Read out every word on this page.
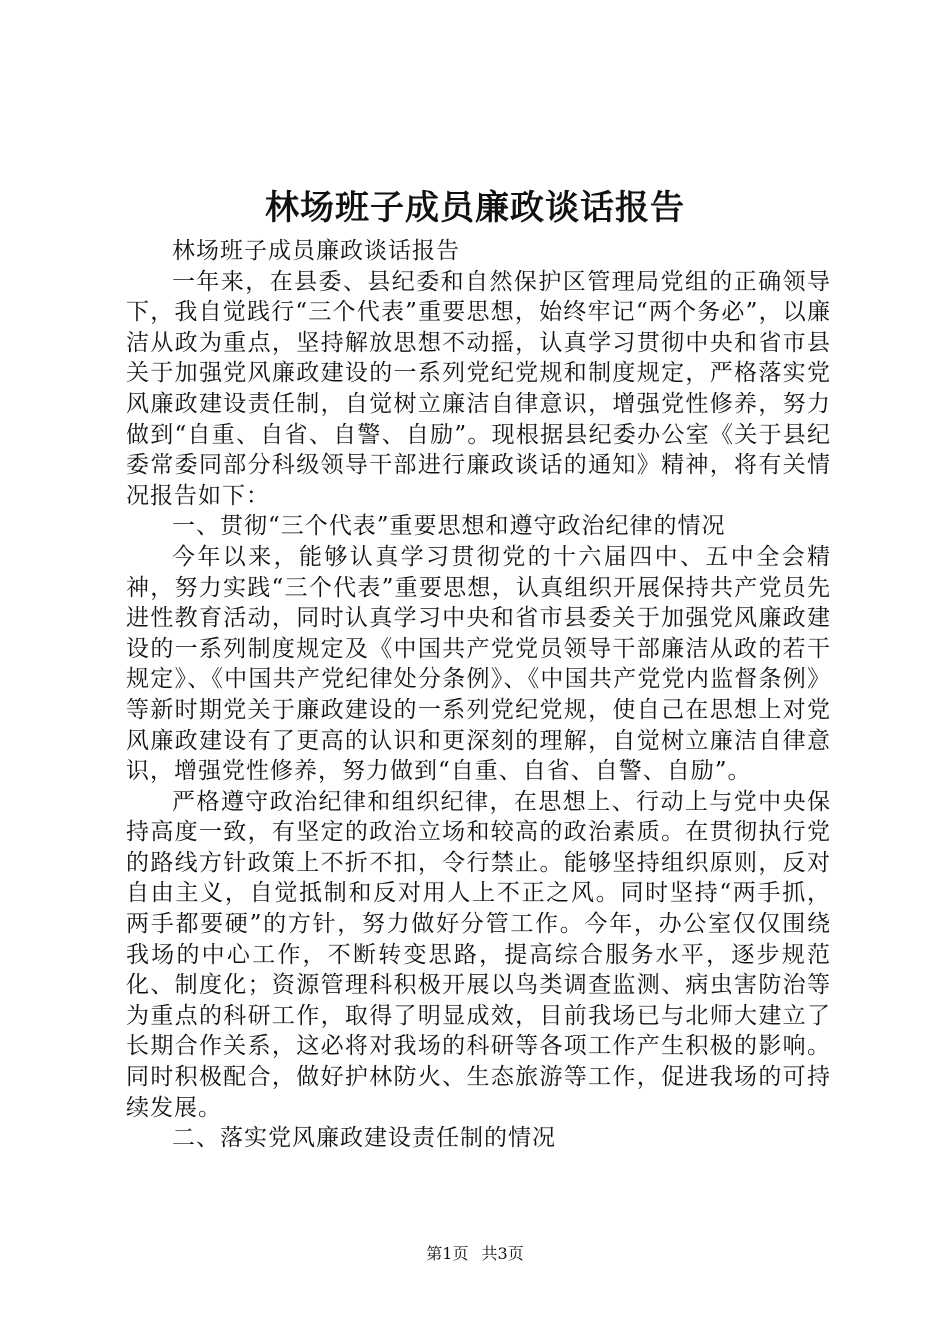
林场班子成员廉政谈话报告

林场班子成员廉政谈话报告

一年来，在县委、县纪委和自然保护区管理局党组的正确领导下，我自觉践行“三个代表”重要思想，始终牢记“两个务必”，以廉洁从政为重点，坚持解放思想不动摇，认真学习贯彻中央和省市县关于加强党风廉政建设的一系列党纪党规和制度规定，严格落实党风廉政建设责任制，自觉树立廉洁自律意识，增强党性修养，努力做到“自重、自省、自警、自励”。现根据县纪委办公室《关于县纪委常委同部分科级领导干部进行廉政谈话的通知》精神，将有关情况报告如下：

一、贯彻“三个代表”重要思想和遵守政治纪律的情况

今年以来，能够认真学习贯彻党的十六届四中、五中全会精神，努力实践“三个代表”重要思想，认真组织开展保持共产党员先进性教育活动，同时认真学习中央和省市县委关于加强党风廉政建设的一系列制度规定及《中国共产党党员领导干部廉洁从政的若干规定》、《中国共产党纪律处分条例》、《中国共产党党内监督条例》等新时期党关于廉政建设的一系列党纪党规，使自己在思想上对党风廉政建设有了更高的认识和更深刻的理解，自觉树立廉洁自律意识，增强党性修养，努力做到“自重、自省、自警、自励”。

严格遵守政治纪律和组织纪律，在思想上、行动上与党中央保持高度一致，有坚定的政治立场和较高的政治素质。在贯彻执行党的路线方针政策上不折不扣，令行禁止。能够坚持组织原则，反对自由主义，自觉抵制和反对用人上不正之风。同时坚持“两手抓，两手都要硬”的方针，努力做好分管工作。今年，办公室仅仅围绕我场的中心工作，不断转变思路，提高综合服务水平，逐步规范化、制度化；资源管理科积极开展以鸟类调查监测、病虫害防治等为重点的科研工作，取得了明显成效，目前我场已与北师大建立了长期合作关系，这必将对我场的科研等各项工作产生积极的影响。同时积极配合，做好护林防火、生态旅游等工作，促进我场的可持续发展。

二、落实党风廉政建设责任制的情况

第1页 共3页
